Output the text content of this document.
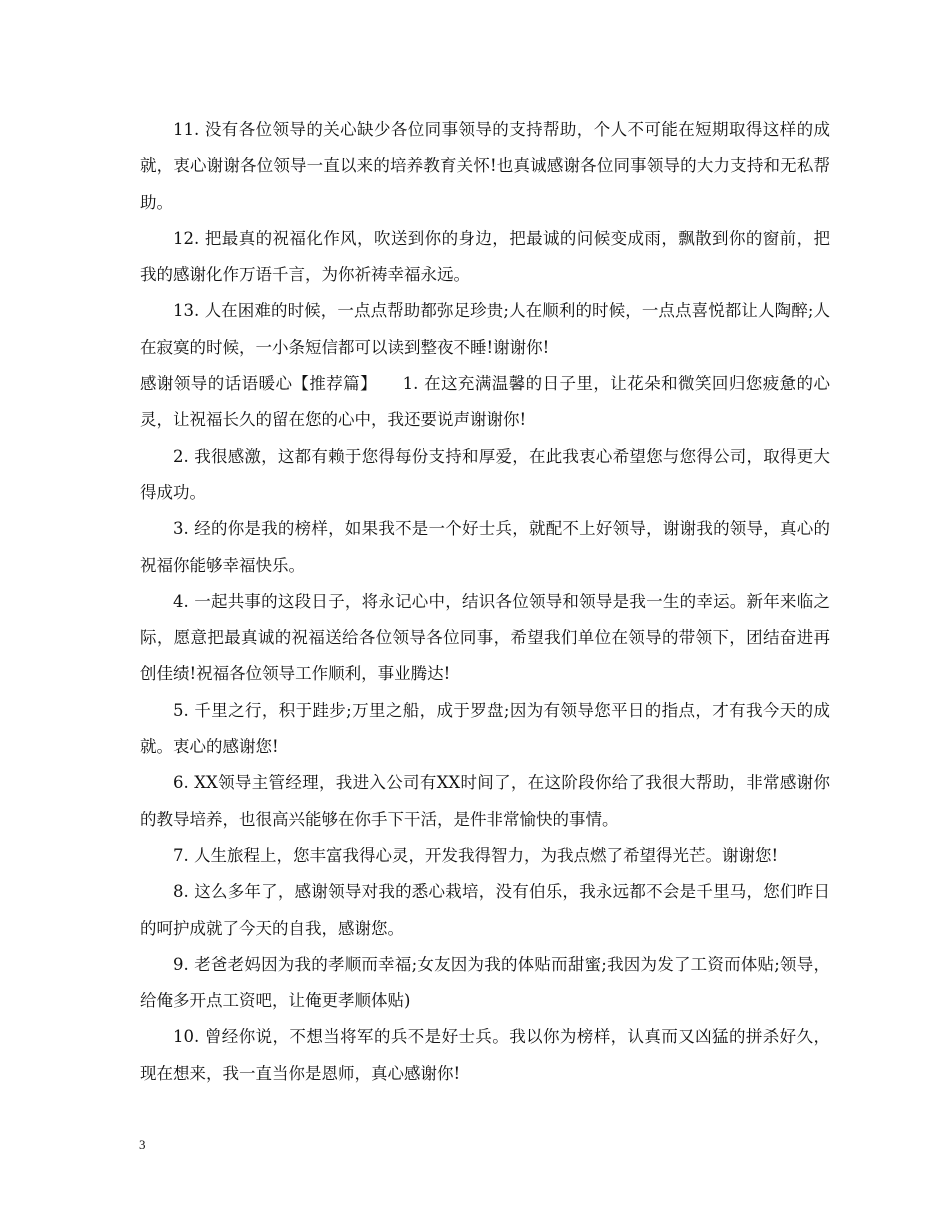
11. 没有各位领导的关心缺少各位同事领导的支持帮助，个人不可能在短期取得这样的成就，衷心谢谢各位领导一直以来的培养教育关怀!也真诚感谢各位同事领导的大力支持和无私帮助。

12. 把最真的祝福化作风，吹送到你的身边，把最诚的问候变成雨，飘散到你的窗前，把我的感谢化作万语千言，为你祈祷幸福永远。

13. 人在困难的时候，一点点帮助都弥足珍贵;人在顺利的时候，一点点喜悦都让人陶醉;人在寂寞的时候，一小条短信都可以读到整夜不睡!谢谢你!

感谢领导的话语暖心【推荐篇】　　1. 在这充满温馨的日子里，让花朵和微笑回归您疲惫的心灵，让祝福长久的留在您的心中，我还要说声谢谢你!

2. 我很感激，这都有赖于您得每份支持和厚爱，在此我衷心希望您与您得公司，取得更大得成功。

3. 经的你是我的榜样，如果我不是一个好士兵，就配不上好领导，谢谢我的领导，真心的祝福你能够幸福快乐。

4. 一起共事的这段日子，将永记心中，结识各位领导和领导是我一生的幸运。新年来临之际，愿意把最真诚的祝福送给各位领导各位同事，希望我们单位在领导的带领下，团结奋进再创佳绩!祝福各位领导工作顺利，事业腾达!

5. 千里之行，积于跬步;万里之船，成于罗盘;因为有领导您平日的指点，才有我今天的成就。衷心的感谢您!

6. XX领导主管经理，我进入公司有XX时间了，在这阶段你给了我很大帮助，非常感谢你的教导培养，也很高兴能够在你手下干活，是件非常愉快的事情。

7. 人生旅程上，您丰富我得心灵，开发我得智力，为我点燃了希望得光芒。谢谢您!

8. 这么多年了，感谢领导对我的悉心栽培，没有伯乐，我永远都不会是千里马，您们昨日的呵护成就了今天的自我，感谢您。

9. 老爸老妈因为我的孝顺而幸福;女友因为我的体贴而甜蜜;我因为发了工资而体贴;领导，给俺多开点工资吧，让俺更孝顺体贴)

10. 曾经你说，不想当将军的兵不是好士兵。我以你为榜样，认真而又凶猛的拼杀好久，现在想来，我一直当你是恩师，真心感谢你!

3
